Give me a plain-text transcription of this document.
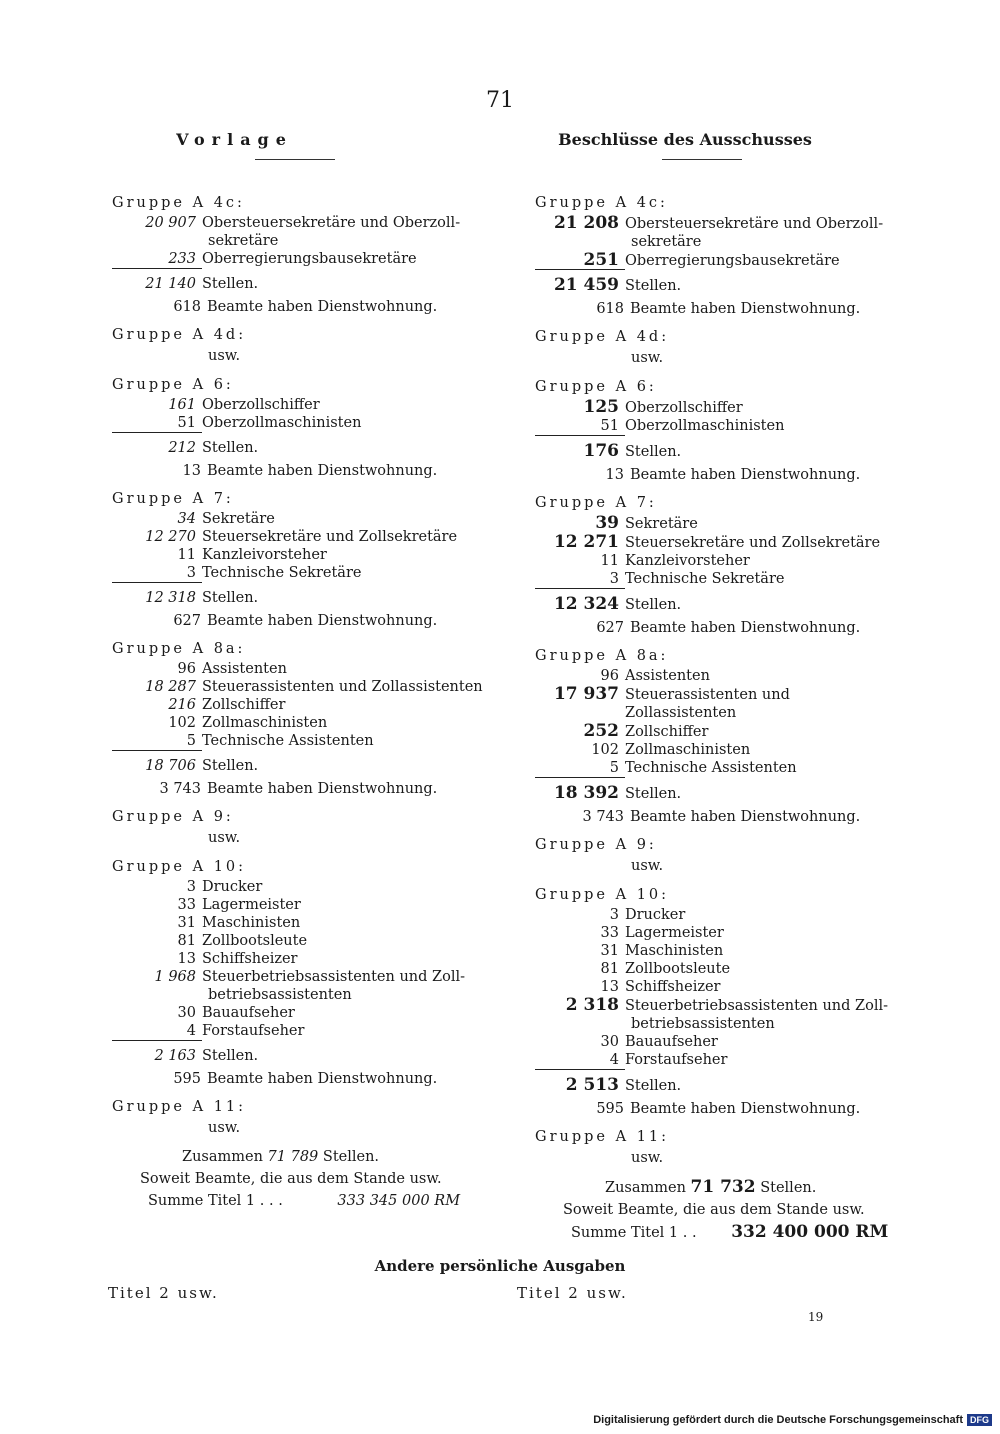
71
Vorlage
Gruppe A 4c:
20 907 Obersteuersekretäre und Oberzoll-
sekretäre
233 Oberregierungsbausekretäre
21 140 Stellen.
618 Beamte haben Dienstwohnung.
Gruppe A 4d:
usw.
Gruppe A 6:
161 Oberzollschiffer
51 Oberzollmaschinisten
212 Stellen.
13 Beamte haben Dienstwohnung.
Gruppe A 7:
34 Sekretäre
12 270 Steuersekretäre und Zollsekretäre
11 Kanzleivorsteher
3 Technische Sekretäre
12 318 Stellen.
627 Beamte haben Dienstwohnung.
Gruppe A 8a:
96 Assistenten
18 287 Steuerassistenten und Zollassistenten
216 Zollschiffer
102 Zollmaschinisten
5 Technische Assistenten
18 706 Stellen.
3 743 Beamte haben Dienstwohnung.
Gruppe A 9:
usw.
Gruppe A 10:
3 Drucker
33 Lagermeister
31 Maschinisten
81 Zollbootsleute
13 Schiffsheizer
1 968 Steuerbetriebsassistenten und Zoll-
betriebsassistenten
30 Bauaufseher
4 Forstaufseher
2 163 Stellen.
595 Beamte haben Dienstwohnung.
Gruppe A 11:
usw.
Zusammen 71 789 Stellen.
Soweit Beamte, die aus dem Stande usw.
Summe Titel 1 . . .	333 345 000 RM
Beschlüsse des Ausschusses
Gruppe A 4c:
21 208 Obersteuersekretäre und Oberzoll-
sekretäre
251 Oberregierungsbausekretäre
21 459 Stellen.
618 Beamte haben Dienstwohnung.
Gruppe A 4d:
usw.
Gruppe A 6:
125 Oberzollschiffer
51 Oberzollmaschinisten
176 Stellen.
13 Beamte haben Dienstwohnung.
Gruppe A 7:
39 Sekretäre
12 271 Steuersekretäre und Zollsekretäre
11 Kanzleivorsteher
3 Technische Sekretäre
12 324 Stellen.
627 Beamte haben Dienstwohnung.
Gruppe A 8a:
96 Assistenten
17 937 Steuerassistenten und Zollassistenten
252 Zollschiffer
102 Zollmaschinisten
5 Technische Assistenten
18 392 Stellen.
3 743 Beamte haben Dienstwohnung.
Gruppe A 9:
usw.
Gruppe A 10:
3 Drucker
33 Lagermeister
31 Maschinisten
81 Zollbootsleute
13 Schiffsheizer
2 318 Steuerbetriebsassistenten und Zoll-
betriebsassistenten
30 Bauaufseher
4 Forstaufseher
2 513 Stellen.
595 Beamte haben Dienstwohnung.
Gruppe A 11:
usw.
Zusammen 71 732 Stellen.
Soweit Beamte, die aus dem Stande usw.
Summe Titel 1 . . 332 400 000 RM
Andere persönliche Ausgaben
Titel 2 usw.	Titel 2 usw.
19
Digitalisierung gefördert durch die Deutsche Forschungsgemeinschaft DFG
